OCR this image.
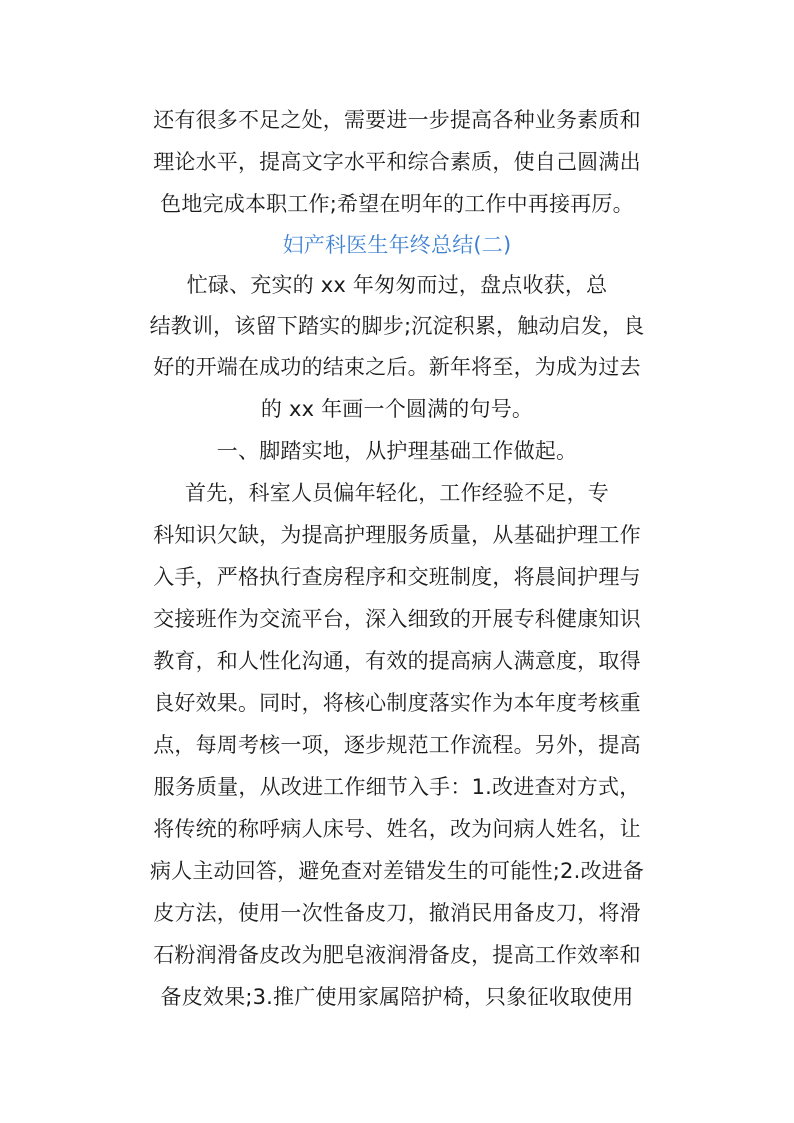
还有很多不足之处，需要进一步提高各种业务素质和
理论水平，提高文字水平和综合素质，使自己圆满出
色地完成本职工作;希望在明年的工作中再接再厉。
妇产科医生年终总结(二)
忙碌、充实的 xx 年匆匆而过，盘点收获，总
结教训，该留下踏实的脚步;沉淀积累，触动启发，良
好的开端在成功的结束之后。新年将至，为成为过去
的 xx 年画一个圆满的句号。
一、脚踏实地，从护理基础工作做起。
首先，科室人员偏年轻化，工作经验不足，专
科知识欠缺，为提高护理服务质量，从基础护理工作
入手，严格执行查房程序和交班制度，将晨间护理与
交接班作为交流平台，深入细致的开展专科健康知识
教育，和人性化沟通，有效的提高病人满意度，取得
良好效果。同时，将核心制度落实作为本年度考核重
点，每周考核一项，逐步规范工作流程。另外，提高
服务质量，从改进工作细节入手：1.改进查对方式，
将传统的称呼病人床号、姓名，改为问病人姓名，让
病人主动回答，避免查对差错发生的可能性;2.改进备
皮方法，使用一次性备皮刀，撤消民用备皮刀，将滑
石粉润滑备皮改为肥皂液润滑备皮，提高工作效率和
备皮效果;3.推广使用家属陪护椅，只象征收取使用
